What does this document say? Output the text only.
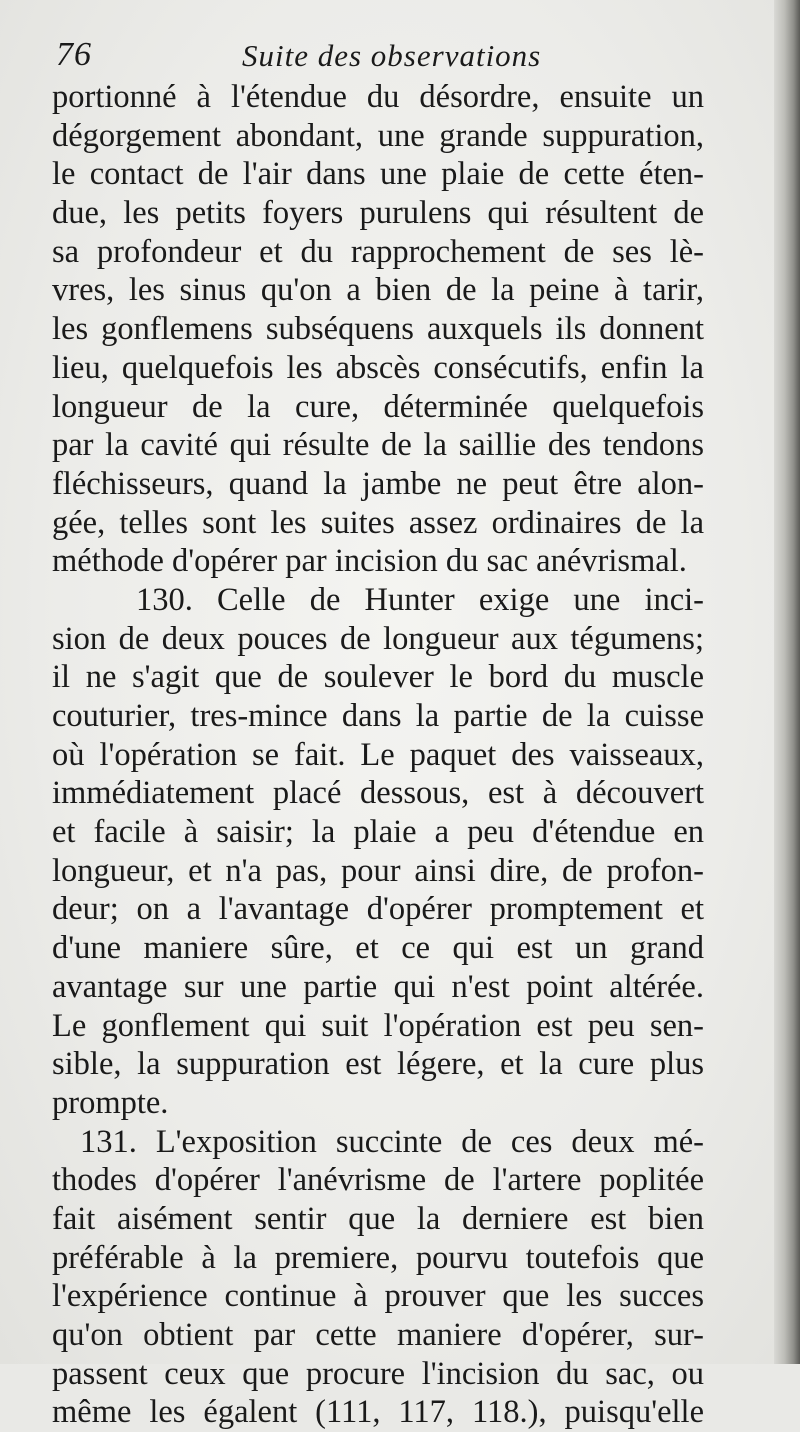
76	Suite des observations
portionné à l'étendue du désordre, ensuite un
dégorgement abondant, une grande suppuration,
le contact de l'air dans une plaie de cette éten-
due, les petits foyers purulens qui résultent de
sa profondeur et du rapprochement de ses lè-
vres, les sinus qu'on a bien de la peine à tarir,
les gonflemens subséquens auxquels ils donnent
lieu, quelquefois les abscès consécutifs, enfin la
longueur de la cure, déterminée quelquefois
par la cavité qui résulte de la saillie des tendons
fléchisseurs, quand la jambe ne peut être alon-
gée, telles sont les suites assez ordinaires de la
méthode d'opérer par incision du sac anévrismal.
130. Celle de Hunter exige une inci-
sion de deux pouces de longueur aux tégumens;
il ne s'agit que de soulever le bord du muscle
couturier, tres-mince dans la partie de la cuisse
où l'opération se fait. Le paquet des vaisseaux,
immédiatement placé dessous, est à découvert
et facile à saisir; la plaie a peu d'étendue en
longueur, et n'a pas, pour ainsi dire, de profon-
deur; on a l'avantage d'opérer promptement et
d'une maniere sûre, et ce qui est un grand
avantage sur une partie qui n'est point altérée.
Le gonflement qui suit l'opération est peu sen-
sible, la suppuration est légere, et la cure plus
prompte.
131. L'exposition succinte de ces deux mé-
thodes d'opérer l'anévrisme de l'artere poplitée
fait aisément sentir que la derniere est bien
préférable à la premiere, pourvu toutefois que
l'expérience continue à prouver que les succes
qu'on obtient par cette maniere d'opérer, sur-
passent ceux que procure l'incision du sac, ou
même les égalent (111, 117, 118.), puisqu'elle
